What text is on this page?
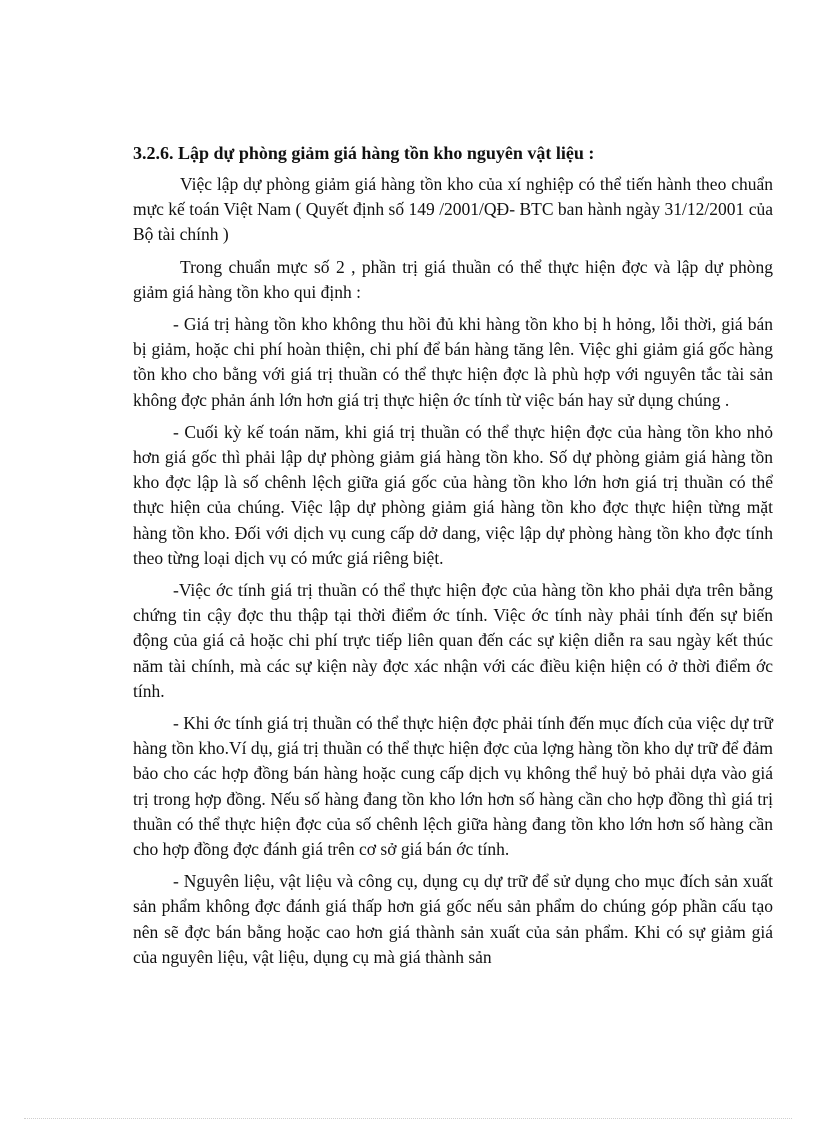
3.2.6. Lập dự phòng giảm giá hàng tồn kho nguyên vật liệu :

Việc lập dự phòng giảm giá hàng tồn kho của xí nghiệp có thể tiến hành theo chuẩn mực kế toán Việt Nam ( Quyết định số 149 /2001/QĐ- BTC ban hành ngày 31/12/2001 của Bộ tài chính )

Trong chuẩn mực số 2 , phần trị giá thuần có thể thực hiện đợc và lập dự phòng giảm giá hàng tồn kho qui định :

- Giá trị hàng tồn kho không thu hồi đủ khi hàng tồn kho bị h hỏng, lỗi thời, giá bán bị giảm, hoặc chi phí hoàn thiện, chi phí để bán hàng tăng lên. Việc ghi giảm giá gốc hàng tồn kho cho bằng với giá trị thuần có thể thực hiện đợc là phù hợp với nguyên tắc tài sản không đợc phản ánh lớn hơn giá trị thực hiện ớc tính từ việc bán hay sử dụng chúng .

- Cuối kỳ kế toán năm, khi giá trị thuần có thể thực hiện đợc của hàng tồn kho nhỏ hơn giá gốc thì phải lập dự phòng giảm giá hàng tồn kho. Số dự phòng giảm giá hàng tồn kho đợc lập là số chênh lệch giữa giá gốc của hàng tồn kho lớn hơn giá trị thuần có thể thực hiện của chúng. Việc lập dự phòng giảm giá hàng tồn kho đợc thực hiện từng mặt hàng tồn kho. Đối với dịch vụ cung cấp dở dang, việc lập dự phòng hàng tồn kho đợc tính theo từng loại dịch vụ có mức giá riêng biệt.

-Việc ớc tính giá trị thuần có thể thực hiện đợc của hàng tồn kho phải dựa trên bằng chứng tin cậy đợc thu thập tại thời điểm ớc tính. Việc ớc tính này phải tính đến sự biến động của giá cả hoặc chi phí trực tiếp liên quan đến các sự kiện diễn ra sau ngày kết thúc năm tài chính, mà các sự kiện này đợc xác nhận với các điều kiện hiện có ở thời điểm ớc tính.

- Khi ớc tính giá trị thuần có thể thực hiện đợc phải tính đến mục đích của việc dự trữ hàng tồn kho.Ví dụ, giá trị thuần có thể thực hiện đợc của lợng hàng tồn kho dự trữ để đảm bảo cho các hợp đồng bán hàng hoặc cung cấp dịch vụ không thể huỷ bỏ phải dựa vào giá trị trong hợp đồng. Nếu số hàng đang tồn kho lớn hơn số hàng cần cho hợp đồng thì giá trị thuần có thể thực hiện đợc của số chênh lệch giữa hàng đang tồn kho lớn hơn số hàng cần cho hợp đồng đợc đánh giá trên cơ sở giá bán ớc tính.

- Nguyên liệu, vật liệu và công cụ, dụng cụ dự trữ để sử dụng cho mục đích sản xuất sản phẩm không đợc đánh giá thấp hơn giá gốc nếu sản phẩm do chúng góp phần cấu tạo nên sẽ đợc bán bằng hoặc cao hơn giá thành sản xuất của sản phẩm. Khi có sự giảm giá của nguyên liệu, vật liệu, dụng cụ mà giá thành sản
